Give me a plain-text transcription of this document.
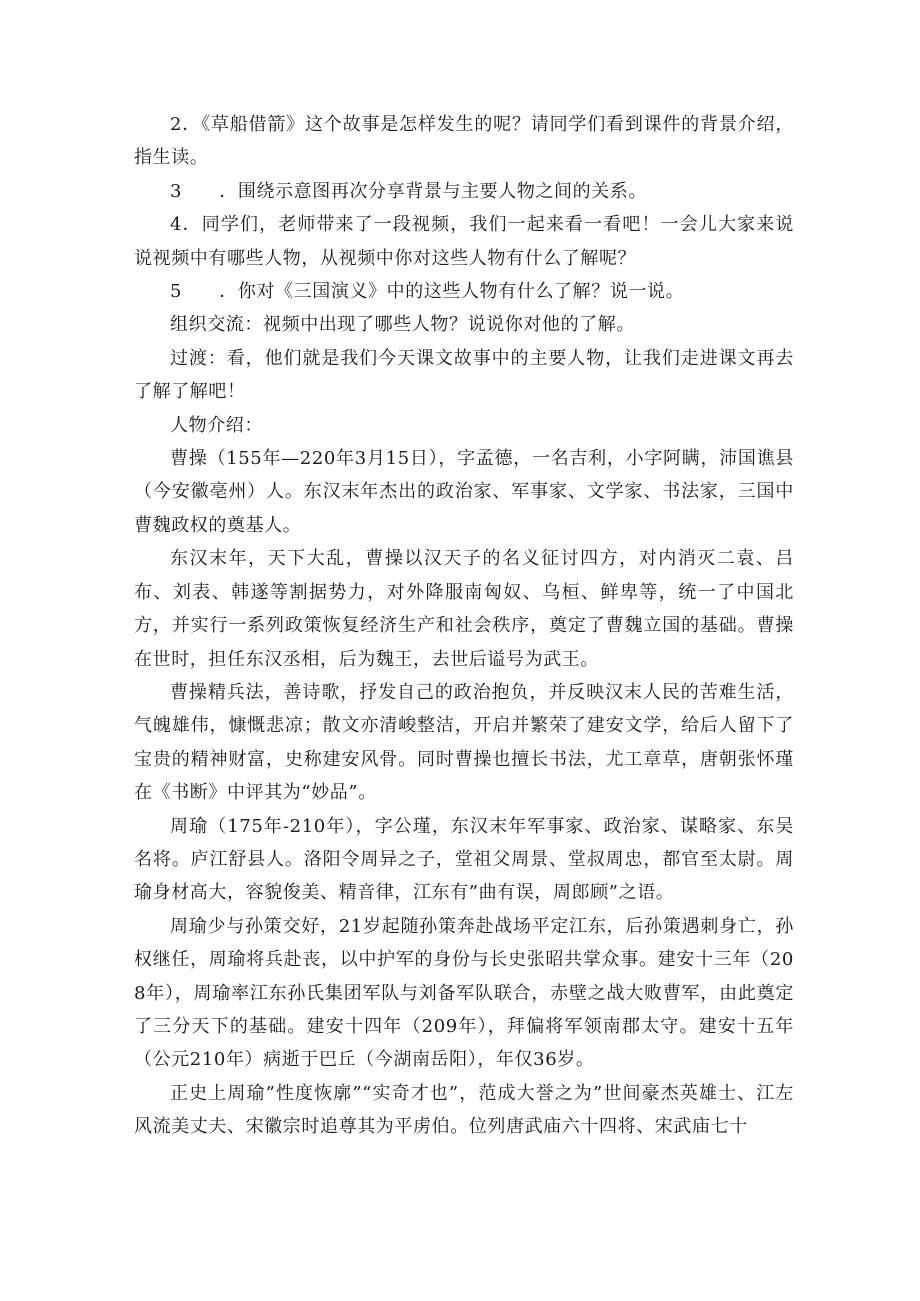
2．《草船借箭》这个故事是怎样发生的呢？请同学们看到课件的背景介绍，指生读。

3　　．围绕示意图再次分享背景与主要人物之间的关系。

4．同学们，老师带来了一段视频，我们一起来看一看吧！一会儿大家来说说视频中有哪些人物，从视频中你对这些人物有什么了解呢？

5　　．你对《三国演义》中的这些人物有什么了解？说一说。

组织交流：视频中出现了哪些人物？说说你对他的了解。

过渡：看，他们就是我们今天课文故事中的主要人物，让我们走进课文再去了解了解吧！

人物介绍：

曹操（155年—220年3月15日），字孟德，一名吉利，小字阿瞒，沛国谯县（今安徽亳州）人。东汉末年杰出的政治家、军事家、文学家、书法家，三国中曹魏政权的奠基人。

东汉末年，天下大乱，曹操以汉天子的名义征讨四方，对内消灭二袁、吕布、刘表、韩遂等割据势力，对外降服南匈奴、乌桓、鲜卑等，统一了中国北方，并实行一系列政策恢复经济生产和社会秩序，奠定了曹魏立国的基础。曹操在世时，担任东汉丞相，后为魏王，去世后谥号为武王。

曹操精兵法，善诗歌，抒发自己的政治抱负，并反映汉末人民的苦难生活，气魄雄伟，慷慨悲凉；散文亦清峻整洁，开启并繁荣了建安文学，给后人留下了宝贵的精神财富，史称建安风骨。同时曹操也擅长书法，尤工章草，唐朝张怀瑾在《书断》中评其为“妙品”。

周瑜（175年-210年），字公瑾，东汉末年军事家、政治家、谋略家、东吴名将。庐江舒县人。洛阳令周异之子，堂祖父周景、堂叔周忠，都官至太尉。周瑜身材高大，容貌俊美、精音律，江东有”曲有误，周郎顾”之语。

周瑜少与孙策交好，21岁起随孙策奔赴战场平定江东，后孙策遇刺身亡，孙权继任，周瑜将兵赴丧，以中护军的身份与长史张昭共掌众事。建安十三年（208年），周瑜率江东孙氏集团军队与刘备军队联合，赤壁之战大败曹军，由此奠定了三分天下的基础。建安十四年（209年），拜偏将军领南郡太守。建安十五年（公元210年）病逝于巴丘（今湖南岳阳），年仅36岁。

正史上周瑜”性度恢廓”“实奇才也”，范成大誉之为”世间豪杰英雄士、江左风流美丈夫、宋徽宗时追尊其为平虏伯。位列唐武庙六十四将、宋武庙七十
